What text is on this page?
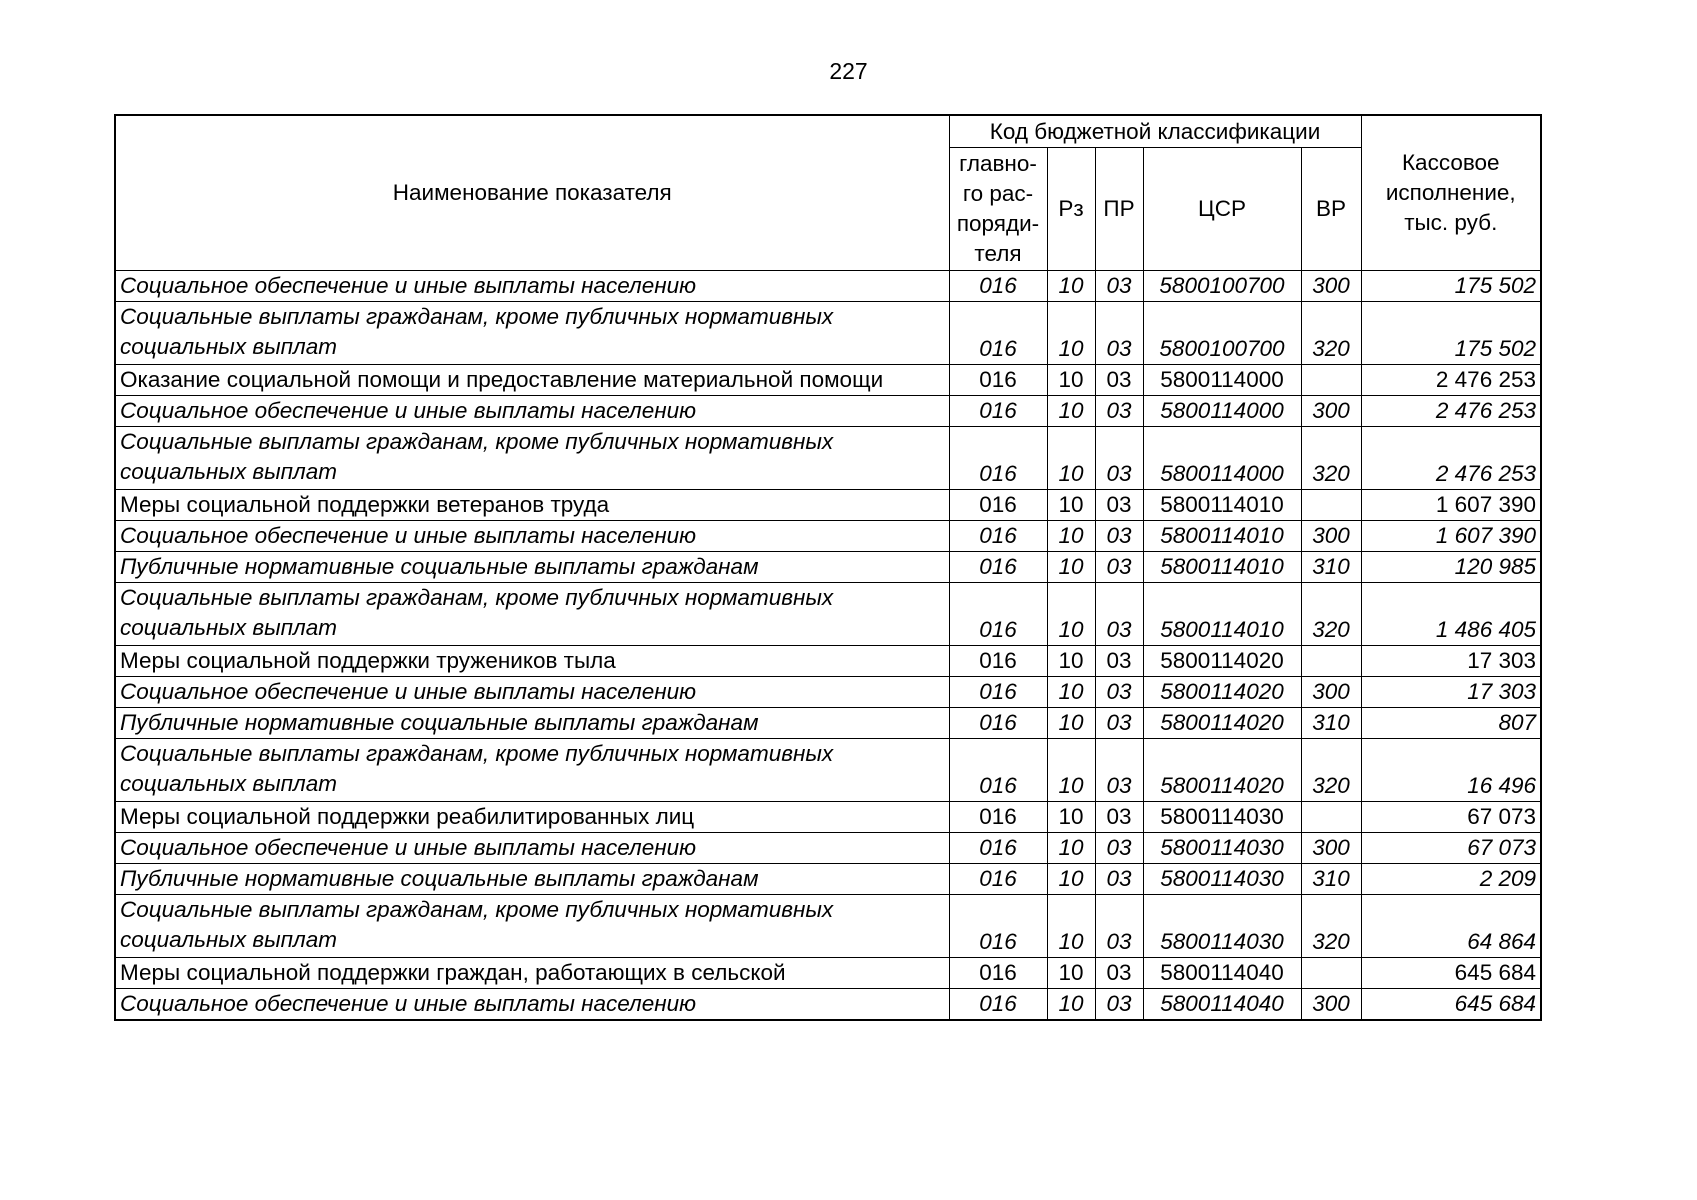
227
Наименование показателя	Код бюджетной классификации					Кассовое исполнение, тыс. руб.
	главно-го рас-поряди-теля	Рз	ПР	ЦСР	ВР	
Социальное обеспечение и иные выплаты населению	016	10	03	5800100700	300	175 502
Социальные выплаты гражданам, кроме публичных нормативных социальных выплат	016	10	03	5800100700	320	175 502
Оказание социальной помощи и предоставление материальной помощи	016	10	03	5800114000		2 476 253
Социальное обеспечение и иные выплаты населению	016	10	03	5800114000	300	2 476 253
Социальные выплаты гражданам, кроме публичных нормативных социальных выплат	016	10	03	5800114000	320	2 476 253
Меры социальной поддержки ветеранов труда	016	10	03	5800114010		1 607 390
Социальное обеспечение и иные выплаты населению	016	10	03	5800114010	300	1 607 390
Публичные нормативные социальные выплаты гражданам	016	10	03	5800114010	310	120 985
Социальные выплаты гражданам, кроме публичных нормативных социальных выплат	016	10	03	5800114010	320	1 486 405
Меры социальной поддержки тружеников тыла	016	10	03	5800114020		17 303
Социальное обеспечение и иные выплаты населению	016	10	03	5800114020	300	17 303
Публичные нормативные социальные выплаты гражданам	016	10	03	5800114020	310	807
Социальные выплаты гражданам, кроме публичных нормативных социальных выплат	016	10	03	5800114020	320	16 496
Меры социальной поддержки реабилитированных лиц	016	10	03	5800114030		67 073
Социальное обеспечение и иные выплаты населению	016	10	03	5800114030	300	67 073
Публичные нормативные социальные выплаты гражданам	016	10	03	5800114030	310	2 209
Социальные выплаты гражданам, кроме публичных нормативных социальных выплат	016	10	03	5800114030	320	64 864
Меры социальной поддержки граждан, работающих в сельской	016	10	03	5800114040		645 684
Социальное обеспечение и иные выплаты населению	016	10	03	5800114040	300	645 684
